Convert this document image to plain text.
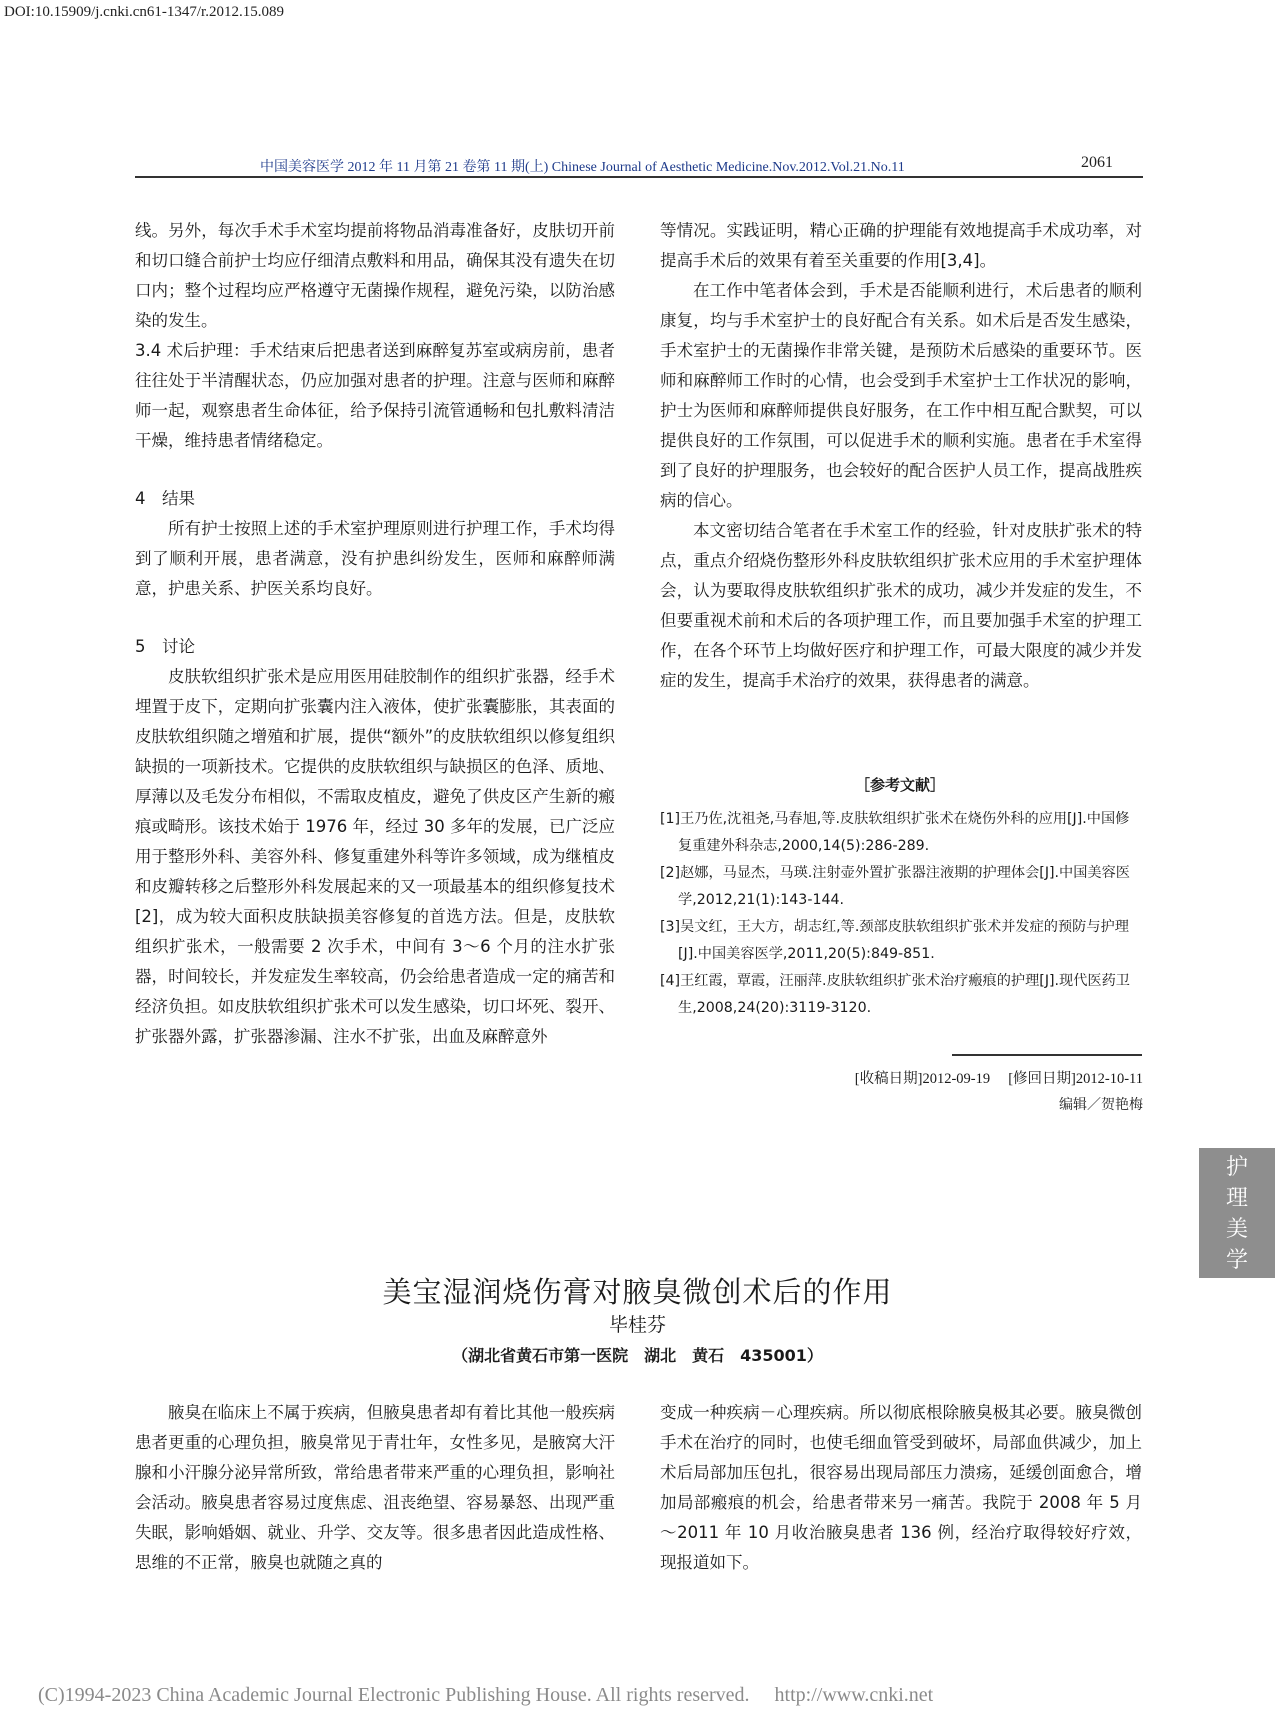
DOI:10.15909/j.cnki.cn61-1347/r.2012.15.089
中国美容医学 2012 年 11 月第 21 卷第 11 期(上) Chinese Journal of Aesthetic Medicine.Nov.2012.Vol.21.No.11	2061

线。另外，每次手术手术室均提前将物品消毒准备好，皮肤切开前和切口缝合前护士均应仔细清点敷料和用品，确保其没有遗失在切口内；整个过程均应严格遵守无菌操作规程，避免污染，以防治感染的发生。

3.4 术后护理：手术结束后把患者送到麻醉复苏室或病房前，患者往往处于半清醒状态，仍应加强对患者的护理。注意与医师和麻醉师一起，观察患者生命体征，给予保持引流管通畅和包扎敷料清洁干燥，维持患者情绪稳定。

4　结果

所有护士按照上述的手术室护理原则进行护理工作，手术均得到了顺利开展，患者满意，没有护患纠纷发生，医师和麻醉师满意，护患关系、护医关系均良好。

5　讨论

皮肤软组织扩张术是应用医用硅胶制作的组织扩张器，经手术埋置于皮下，定期向扩张囊内注入液体，使扩张囊膨胀，其表面的皮肤软组织随之增殖和扩展，提供“额外”的皮肤软组织以修复组织缺损的一项新技术。它提供的皮肤软组织与缺损区的色泽、质地、厚薄以及毛发分布相似，不需取皮植皮，避免了供皮区产生新的瘢痕或畸形。该技术始于 1976 年，经过 30 多年的发展，已广泛应用于整形外科、美容外科、修复重建外科等许多领域，成为继植皮和皮瓣转移之后整形外科发展起来的又一项最基本的组织修复技术[2]，成为较大面积皮肤缺损美容修复的首选方法。但是，皮肤软组织扩张术，一般需要 2 次手术，中间有 3～6 个月的注水扩张器，时间较长，并发症发生率较高，仍会给患者造成一定的痛苦和经济负担。如皮肤软组织扩张术可以发生感染，切口坏死、裂开、扩张器外露，扩张器渗漏、注水不扩张，出血及麻醉意外

等情况。实践证明，精心正确的护理能有效地提高手术成功率，对提高手术后的效果有着至关重要的作用[3,4]。

在工作中笔者体会到，手术是否能顺利进行，术后患者的顺利康复，均与手术室护士的良好配合有关系。如术后是否发生感染，手术室护士的无菌操作非常关键，是预防术后感染的重要环节。医师和麻醉师工作时的心情，也会受到手术室护士工作状况的影响，护士为医师和麻醉师提供良好服务，在工作中相互配合默契，可以提供良好的工作氛围，可以促进手术的顺利实施。患者在手术室得到了良好的护理服务，也会较好的配合医护人员工作，提高战胜疾病的信心。

本文密切结合笔者在手术室工作的经验，针对皮肤扩张术的特点，重点介绍烧伤整形外科皮肤软组织扩张术应用的手术室护理体会，认为要取得皮肤软组织扩张术的成功，减少并发症的发生，不但要重视术前和术后的各项护理工作，而且要加强手术室的护理工作，在各个环节上均做好医疗和护理工作，可最大限度的减少并发症的发生，提高手术治疗的效果，获得患者的满意。

［参考文献］

[1]王乃佐,沈祖尧,马春旭,等.皮肤软组织扩张术在烧伤外科的应用[J].中国修复重建外科杂志,2000,14(5):286-289.

[2]赵娜，马显杰，马瑛.注射壶外置扩张器注液期的护理体会[J].中国美容医学,2012,21(1):143-144.

[3]吴文红，王大方，胡志红,等.颈部皮肤软组织扩张术并发症的预防与护理[J].中国美容医学,2011,20(5):849-851.

[4]王红霞，覃霞，汪丽萍.皮肤软组织扩张术治疗瘢痕的护理[J].现代医药卫生,2008,24(20):3119-3120.

[收稿日期]2012-09-19　 [修回日期]2012-10-11
编辑／贺艳梅
护
理
美
学
美宝湿润烧伤膏对腋臭微创术后的作用
毕桂芬
（湖北省黄石市第一医院　湖北　黄石　435001）

腋臭在临床上不属于疾病，但腋臭患者却有着比其他一般疾病患者更重的心理负担，腋臭常见于青壮年，女性多见，是腋窝大汗腺和小汗腺分泌异常所致，常给患者带来严重的心理负担，影响社会活动。腋臭患者容易过度焦虑、沮丧绝望、容易暴怒、出现严重失眠，影响婚姻、就业、升学、交友等。很多患者因此造成性格、思维的不正常，腋臭也就随之真的

变成一种疾病－心理疾病。所以彻底根除腋臭极其必要。腋臭微创手术在治疗的同时，也使毛细血管受到破坏，局部血供减少，加上术后局部加压包扎，很容易出现局部压力溃疡，延缓创面愈合，增加局部瘢痕的机会，给患者带来另一痛苦。我院于 2008 年 5 月～2011 年 10 月收治腋臭患者 136 例，经治疗取得较好疗效，现报道如下。

(C)1994-2023 China Academic Journal Electronic Publishing House. All rights reserved.　 http://www.cnki.net
